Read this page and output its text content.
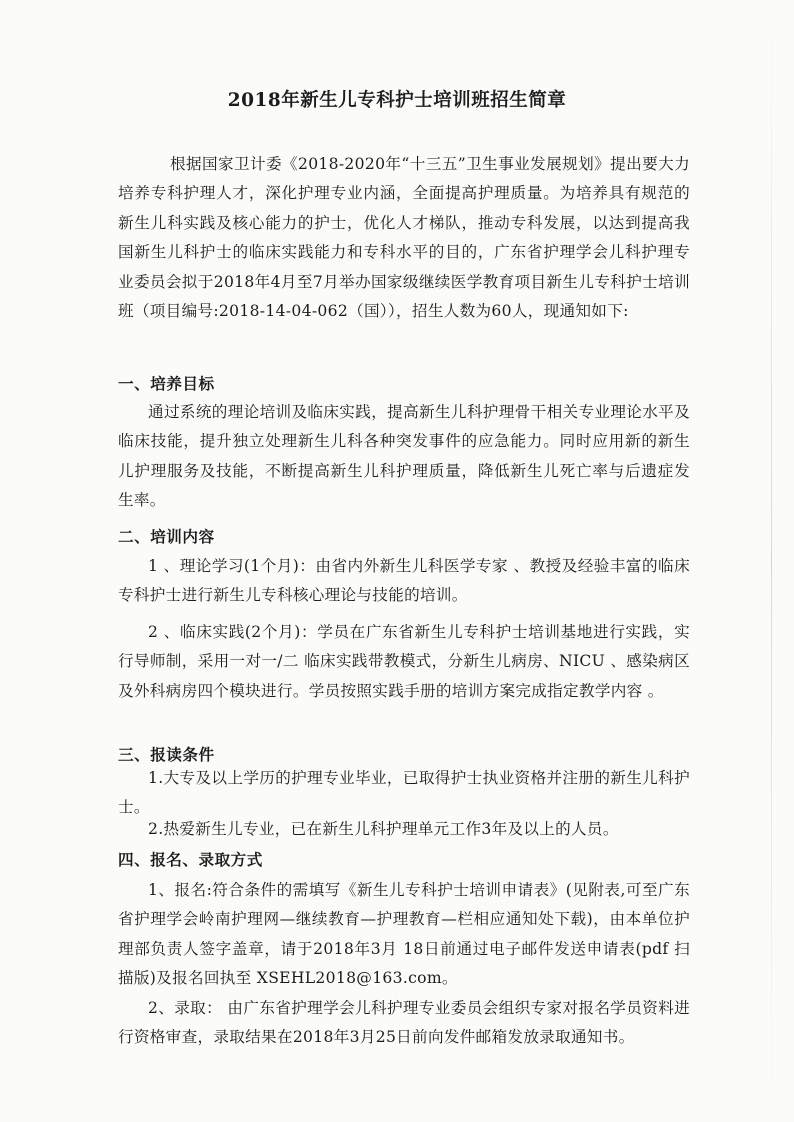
2018年新生儿专科护士培训班招生简章
根据国家卫计委《2018-2020年“十三五”卫生事业发展规划》提出要大力培养专科护理人才，深化护理专业内涵，全面提高护理质量。为培养具有规范的新生儿科实践及核心能力的护士，优化人才梯队，推动专科发展，以达到提高我国新生儿科护士的临床实践能力和专科水平的目的，广东省护理学会儿科护理专业委员会拟于2018年4月至7月举办国家级继续医学教育项目新生儿专科护士培训班（项目编号:2018-14-04-062（国）），招生人数为60人，现通知如下:
一、培养目标
通过系统的理论培训及临床实践，提高新生儿科护理骨干相关专业理论水平及临床技能，提升独立处理新生儿科各种突发事件的应急能力。同时应用新的新生儿护理服务及技能，不断提高新生儿科护理质量，降低新生儿死亡率与后遗症发生率。
二、培训内容
1 、理论学习(1个月)：由省内外新生儿科医学专家 、教授及经验丰富的临床专科护士进行新生儿专科核心理论与技能的培训。
2 、临床实践(2个月)：学员在广东省新生儿专科护士培训基地进行实践，实行导师制，采用一对一/二 临床实践带教模式，分新生儿病房、NICU 、感染病区及外科病房四个模块进行。学员按照实践手册的培训方案完成指定教学内容 。
三、报读条件
1.大专及以上学历的护理专业毕业，已取得护士执业资格并注册的新生儿科护士。
2.热爱新生儿专业，已在新生儿科护理单元工作3年及以上的人员。
四、报名、录取方式
1、报名:符合条件的需填写《新生儿专科护士培训申请表》(见附表,可至广东省护理学会岭南护理网—继续教育—护理教育—栏相应通知处下载)，由本单位护理部负责人签字盖章，请于2018年3月 18日前通过电子邮件发送申请表(pdf 扫描版)及报名回执至 XSEHL2018@163.com。
2、录取： 由广东省护理学会儿科护理专业委员会组织专家对报名学员资料进行资格审查，录取结果在2018年3月25日前向发件邮箱发放录取通知书。
